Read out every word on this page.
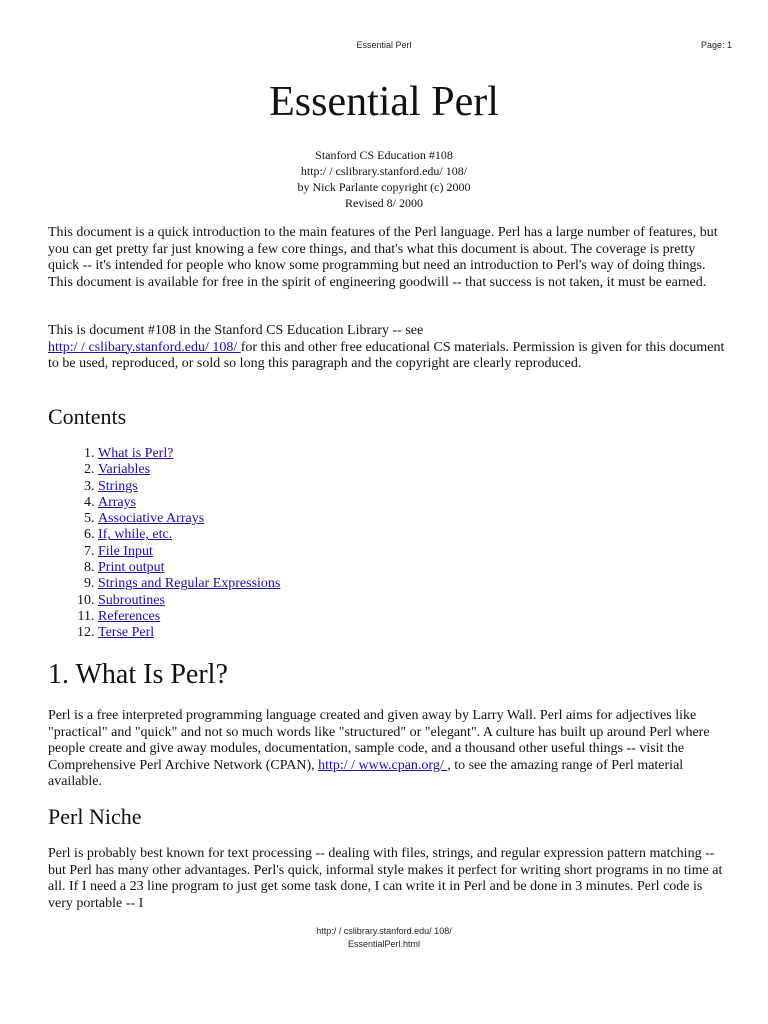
Essential Perl	Page: 1
Essential Perl
Stanford CS Education #108
http:/ / cslibrary.stanford.edu/ 108/
by Nick Parlante copyright (c) 2000
Revised 8/ 2000

This document is a quick introduction to the main features of the Perl language. Perl has a large number of features, but you can get pretty far just knowing a few core things, and that's what this document is about. The coverage is pretty quick -- it's intended for people who know some programming but need an introduction to Perl's way of doing things. This document is available for free in the spirit of engineering goodwill -- that success is not taken, it must be earned.

This is document #108 in the Stanford CS Education Library -- see
http:/ / cslibary.stanford.edu/ 108/ for this and other free educational CS materials. Permission is given for this document to be used, reproduced, or sold so long this paragraph and the copyright are clearly reproduced.

Contents
1. What is Perl?
2. Variables
3. Strings
4. Arrays
5. Associative Arrays
6. If, while, etc.
7. File Input
8. Print output
9. Strings and Regular Expressions
10. Subroutines
11. References
12. Terse Perl
1. What Is Perl?

Perl is a free interpreted programming language created and given away by Larry Wall. Perl aims for adjectives like "practical" and "quick" and not so much words like "structured" or "elegant". A culture has built up around Perl where people create and give away modules, documentation, sample code, and a thousand other useful things -- visit the Comprehensive Perl Archive Network (CPAN), http:/ / www.cpan.org/ , to see the amazing range of Perl material available.

Perl Niche

Perl is probably best known for text processing -- dealing with files, strings, and regular expression pattern matching -- but Perl has many other advantages. Perl's quick, informal style makes it perfect for writing short programs in no time at all. If I need a 23 line program to just get some task done, I can write it in Perl and be done in 3 minutes. Perl code is very portable -- I

http:/ / cslibrary.stanford.edu/ 108/
EssentialPerl.html
